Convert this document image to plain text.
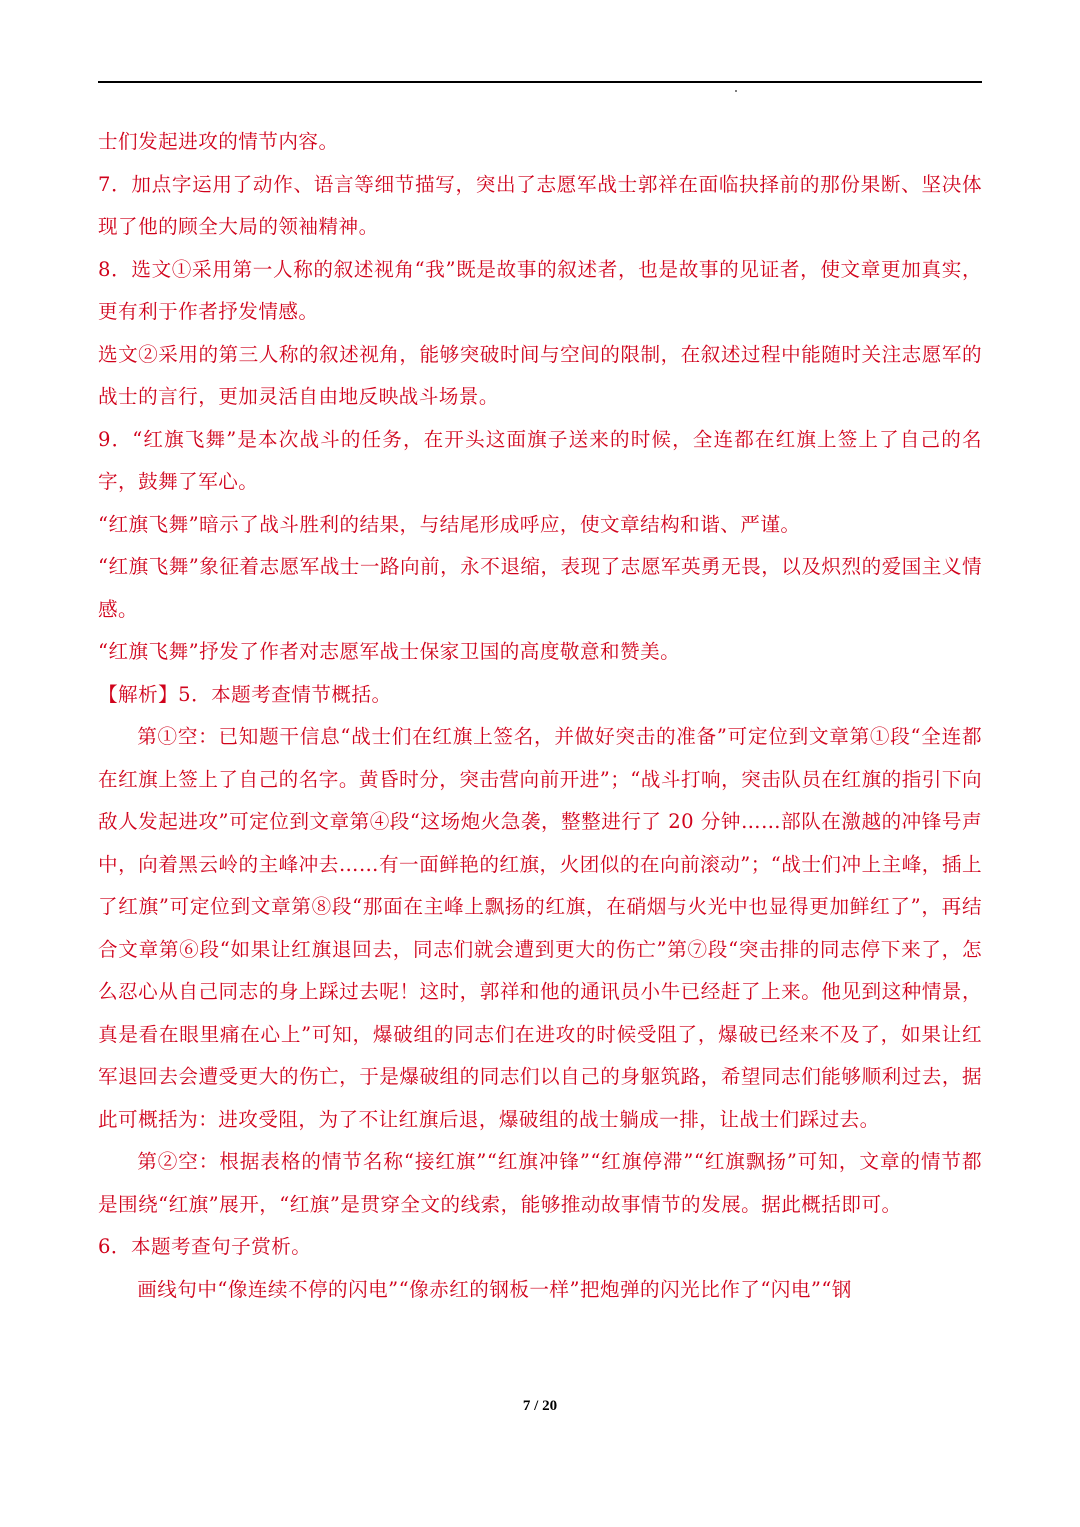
士们发起进攻的情节内容。

7．加点字运用了动作、语言等细节描写，突出了志愿军战士郭祥在面临抉择前的那份果断、坚决体现了他的顾全大局的领袖精神。

8．选文①采用第一人称的叙述视角“我”既是故事的叙述者，也是故事的见证者，使文章更加真实，更有利于作者抒发情感。

选文②采用的第三人称的叙述视角，能够突破时间与空间的限制，在叙述过程中能随时关注志愿军的战士的言行，更加灵活自由地反映战斗场景。

9．“红旗飞舞”是本次战斗的任务，在开头这面旗子送来的时候，全连都在红旗上签上了自己的名字，鼓舞了军心。

“红旗飞舞”暗示了战斗胜利的结果，与结尾形成呼应，使文章结构和谐、严谨。

“红旗飞舞”象征着志愿军战士一路向前，永不退缩，表现了志愿军英勇无畏，以及炽烈的爱国主义情感。

“红旗飞舞”抒发了作者对志愿军战士保家卫国的高度敬意和赞美。

【解析】5．本题考查情节概括。

第①空：已知题干信息“战士们在红旗上签名，并做好突击的准备”可定位到文章第①段“全连都在红旗上签上了自己的名字。黄昏时分，突击营向前开进”；“战斗打响，突击队员在红旗的指引下向敌人发起进攻”可定位到文章第④段“这场炮火急袭，整整进行了 20 分钟……部队在激越的冲锋号声中，向着黑云岭的主峰冲去……有一面鲜艳的红旗，火团似的在向前滚动”；“战士们冲上主峰，插上了红旗”可定位到文章第⑧段“那面在主峰上飘扬的红旗，在硝烟与火光中也显得更加鲜红了”，再结合文章第⑥段“如果让红旗退回去，同志们就会遭到更大的伤亡”第⑦段“突击排的同志停下来了，怎么忍心从自己同志的身上踩过去呢！这时，郭祥和他的通讯员小牛已经赶了上来。他见到这种情景，真是看在眼里痛在心上”可知，爆破组的同志们在进攻的时候受阻了，爆破已经来不及了，如果让红军退回去会遭受更大的伤亡，于是爆破组的同志们以自己的身躯筑路，希望同志们能够顺利过去，据此可概括为：进攻受阻，为了不让红旗后退，爆破组的战士躺成一排，让战士们踩过去。

第②空：根据表格的情节名称“接红旗”“红旗冲锋”“红旗停滞”“红旗飘扬”可知，文章的情节都是围绕“红旗”展开，“红旗”是贯穿全文的线索，能够推动故事情节的发展。据此概括即可。

6．本题考查句子赏析。

画线句中“像连续不停的闪电”“像赤红的钢板一样”把炮弹的闪光比作了“闪电”“钢

7 / 20
